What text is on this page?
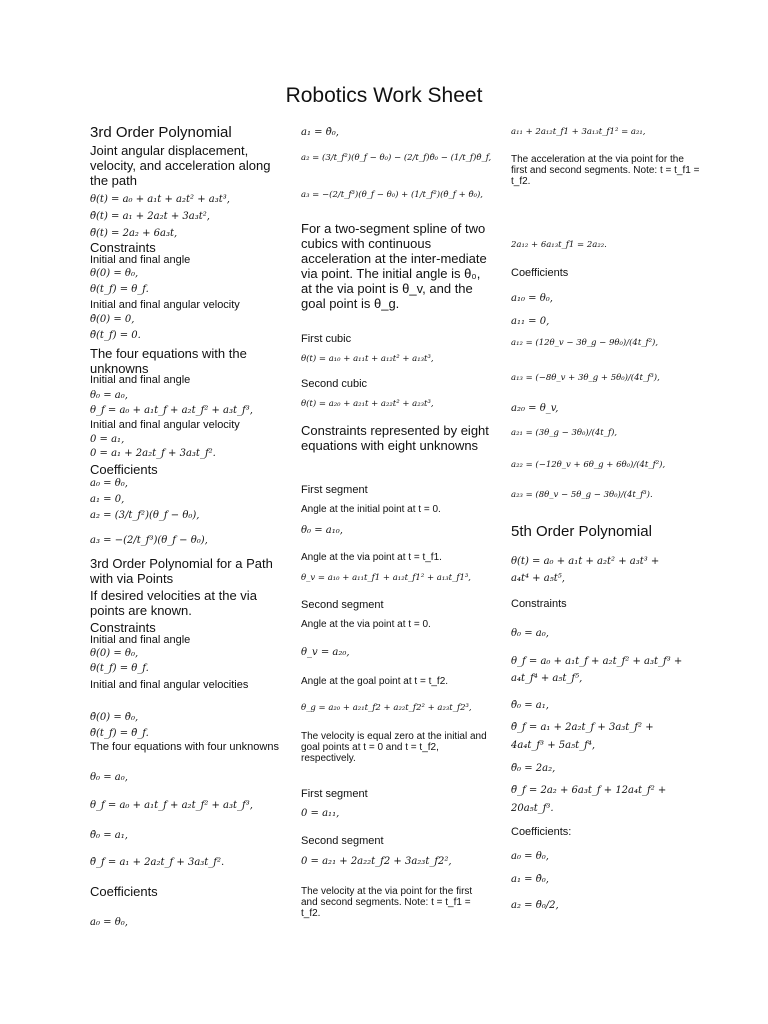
Robotics Work Sheet
3rd Order Polynomial
Joint angular displacement, velocity, and acceleration along the path
θ(t) = a₀ + a₁t + a₂t² + a₃t³,
θ̇(t) = a₁ + 2a₂t + 3a₃t²,
θ̈(t) = 2a₂ + 6a₃t,
Constraints
Initial and final angle
θ(0) = θ₀,
θ(t_f) = θ_f.
Initial and final angular velocity
θ̇(0) = 0,
θ̇(t_f) = 0.
The four equations with the unknowns
Initial and final angle
θ₀ = a₀,
θ_f = a₀ + a₁t_f + a₂t_f² + a₃t_f³,
Initial and final angular velocity
0 = a₁,
0 = a₁ + 2a₂t_f + 3a₃t_f².
Coefficients
a₀ = θ₀,
a₁ = 0,
a₂ = (3/t_f²)(θ_f − θ₀),
a₃ = −(2/t_f³)(θ_f − θ₀),
3rd Order Polynomial for a Path with via Points
If desired velocities at the via points are known.
Constraints
Initial and final angle
θ(0) = θ₀,
θ(t_f) = θ_f.
Initial and final angular velocities
θ̇(0) = θ̇₀,
θ̇(t_f) = θ̇_f.
The four equations with four unknowns
θ₀ = a₀,
θ_f = a₀ + a₁t_f + a₂t_f² + a₃t_f³,
θ̇₀ = a₁,
θ̇_f = a₁ + 2a₂t_f + 3a₃t_f².
Coefficients
a₀ = θ₀,
a₁ = θ̇₀,
a₂ = (3/t_f²)(θ_f − θ₀) − (2/t_f)θ̇₀ − (1/t_f)θ̇_f,
a₃ = −(2/t_f³)(θ_f − θ₀) + (1/t_f²)(θ̇_f + θ̇₀),
For a two-segment spline of two cubics with continuous acceleration at the inter-mediate via point. The initial angle is θ₀, at the via point is θ_v, and the goal point is θ_g.
First cubic
θ(t) = a₁₀ + a₁₁t + a₁₂t² + a₁₃t³,
Second cubic
θ(t) = a₂₀ + a₂₁t + a₂₂t² + a₂₃t³,
Constraints represented by eight equations with eight unknowns
First segment
Angle at the initial point at t = 0.
θ₀ = a₁₀,
Angle at the via point at t = t_f1.
θ_v = a₁₀ + a₁₁t_f1 + a₁₂t_f1² + a₁₃t_f1³,
Second segment
Angle at the via point at t = 0.
θ_v = a₂₀,
Angle at the goal point at t = t_f2.
θ_g = a₂₀ + a₂₁t_f2 + a₂₂t_f2² + a₂₃t_f2³,
The velocity is equal zero at the initial and goal points at t = 0 and t = t_f2, respectively.
First segment
0 = a₁₁,
Second segment
0 = a₂₁ + 2a₂₂t_f2 + 3a₂₃t_f2²,
The velocity at the via point for the first and second segments. Note: t = t_f1 = t_f2.
a₁₁ + 2a₁₂t_f1 + 3a₁₃t_f1² = a₂₁,
The acceleration at the via point for the first and second segments. Note: t = t_f1 = t_f2.
2a₁₂ + 6a₁₃t_f1 = 2a₂₂.
Coefficients
a₁₀ = θ₀,
a₁₁ = 0,
a₁₂ = (12θ_v − 3θ_g − 9θ₀)/(4t_f²),
a₁₃ = (−8θ_v + 3θ_g + 5θ₀)/(4t_f³),
a₂₀ = θ_v,
a₂₁ = (3θ_g − 3θ₀)/(4t_f),
a₂₂ = (−12θ_v + 6θ_g + 6θ₀)/(4t_f²),
a₂₃ = (8θ_v − 5θ_g − 3θ₀)/(4t_f³).
5th Order Polynomial
θ(t) = a₀ + a₁t + a₂t² + a₃t³ +
a₄t⁴ + a₅t⁵,
Constraints
θ₀ = a₀,
θ_f = a₀ + a₁t_f + a₂t_f² + a₃t_f³ +
a₄t_f⁴ + a₅t_f⁵,
θ̇₀ = a₁,
θ̇_f = a₁ + 2a₂t_f + 3a₃t_f² +
4a₄t_f³ + 5a₅t_f⁴,
θ̈₀ = 2a₂,
θ̈_f = 2a₂ + 6a₃t_f + 12a₄t_f² +
20a₅t_f³.
Coefficients:
a₀ = θ₀,
a₁ = θ̇₀,
a₂ = θ̈₀/2,
